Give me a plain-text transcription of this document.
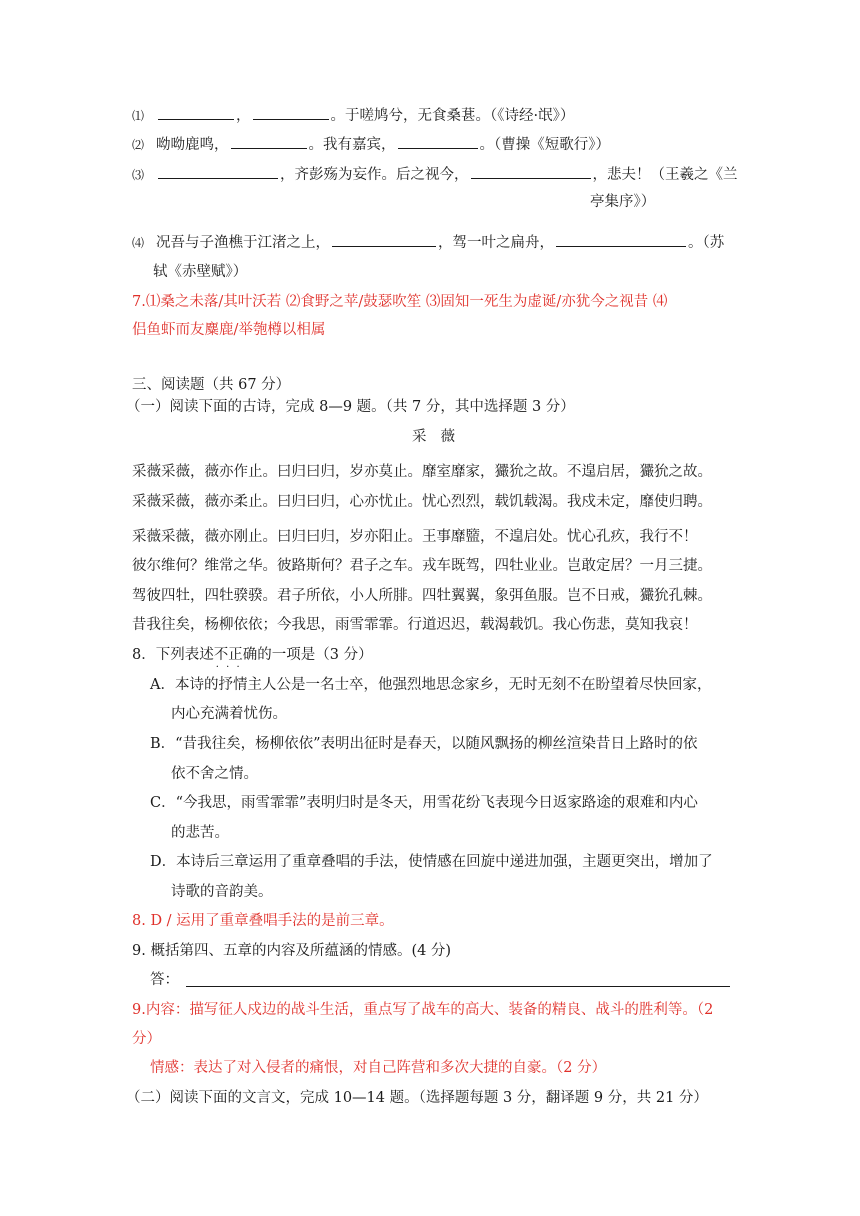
⑴	，	。于嗟鸠兮，无食桑葚。（《诗经·氓》）
⑵ 呦呦鹿鸣，	。我有嘉宾，	。（曹操《短歌行》）
⑶	，齐彭殇为妄作。后之视今，	，悲夫！（王羲之《兰
亭集序》）
⑷ 况吾与子渔樵于江渚之上，	，驾一叶之扁舟，	。（苏
轼《赤壁赋》）
7.⑴桑之未落/其叶沃若 ⑵食野之苹/鼓瑟吹笙 ⑶固知一死生为虚诞/亦犹今之视昔 ⑷
侣鱼虾而友麋鹿/举匏樽以相属
三、阅读题（共 67 分）
（一）阅读下面的古诗，完成 8—9 题。（共 7 分，其中选择题 3 分）
采薇
采薇采薇，薇亦作止。曰归曰归，岁亦莫止。靡室靡家，玁狁之故。不遑启居，玁狁之故。
采薇采薇，薇亦柔止。曰归曰归，心亦忧止。忧心烈烈，载饥载渴。我戍未定，靡使归聘。
采薇采薇，薇亦刚止。曰归曰归，岁亦阳止。王事靡盬，不遑启处。忧心孔疚，我行不！
彼尔维何？维常之华。彼路斯何？君子之车。戎车既驾，四牡业业。岂敢定居？一月三捷。
驾彼四牡，四牡骙骙。君子所依，小人所腓。四牡翼翼，象弭鱼服。岂不日戒，玁狁孔棘。
昔我往矣，杨柳依依；今我思，雨雪霏霏。行道迟迟，载渴载饥。我心伤悲，莫知我哀！
8．下列表述不正确 · · ·的一项是（3 分）
A．本诗的抒情主人公是一名士卒，他强烈地思念家乡，无时无刻不在盼望着尽快回家，
内心充满着忧伤。
B．“昔我往矣，杨柳依依”表明出征时是春天，以随风飘扬的柳丝渲染昔日上路时的依
依不舍之情。
C．“今我思，雨雪霏霏”表明归时是冬天，用雪花纷飞表现今日返家路途的艰难和内心
的悲苦。
D．本诗后三章运用了重章叠唱的手法，使情感在回旋中递进加强，主题更突出，增加了
诗歌的音韵美。
8. D / 运用了重章叠唱手法的是前三章。
9. 概括第四、五章的内容及所蕴涵的情感。(4 分)
答：
9.内容：描写征人戍边的战斗生活，重点写了战车的高大、装备的精良、战斗的胜利等。（2
分）
情感：表达了对入侵者的痛恨，对自己阵营和多次大捷的自豪。（2 分）
（二）阅读下面的文言文，完成 10—14 题。（选择题每题 3 分，翻译题 9 分，共 21 分）
